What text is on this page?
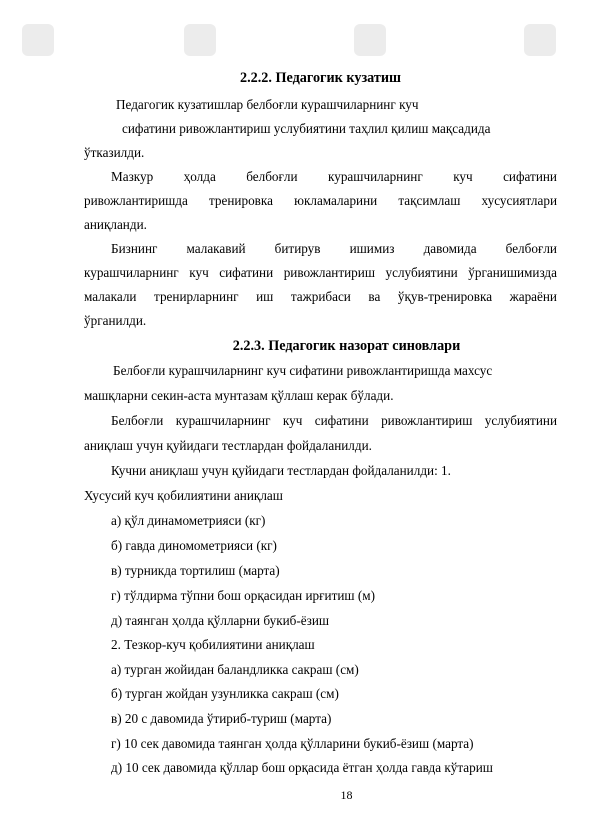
2.2.2. Педагогик кузатиш
Педагогик кузатишлар белбоғли курашчиларнинг куч
сифатини ривожлантириш услубиятини таҳлил қилиш мақсадида
ўтказилди.
Мазкур ҳолда белбоғли курашчиларнинг куч сифатини
ривожлантиришда тренировка юкламаларини тақсимлаш хусусиятлари
аниқланди.
Бизнинг малакавий битирув ишимиз давомида белбоғли
курашчиларнинг куч сифатини ривожлантириш услубиятини ўрганишимизда
малакали тренирларнинг иш тажрибаси ва ўқув-тренировка жараёни
ўрганилди.
2.2.3. Педагогик назорат синовлари
Белбоғли курашчиларнинг куч сифатини ривожлантиришда махсус
машқларни секин-аста мунтазам қўллаш керак бўлади.
Белбоғли курашчиларнинг куч сифатини ривожлантириш услубиятини
аниқлаш учун қуйидаги тестлардан фойдаланилди.
Кучни аниқлаш учун қуйидаги тестлардан фойдаланилди: 1.
Хусусий куч қобилиятини аниқлаш
а) қўл динамометрияси (кг)
б) гавда диномометрияси (кг)
в) турникда тортилиш (марта)
г) тўлдирма тўпни бош орқасидан ирғитиш (м)
д) таянган ҳолда қўлларни букиб-ёзиш
2. Тезкор-куч қобилиятини аниқлаш
а) турган жойидан баландликка сакраш (см)
б) турган жойдан узунликка сакраш (см)
в) 20 с давомида ўтириб-туриш (марта)
г) 10 сек давомида таянган ҳолда қўлларини букиб-ёзиш (марта)
д) 10 сек давомида қўллар бош орқасида ётган ҳолда гавда кўтариш
18
